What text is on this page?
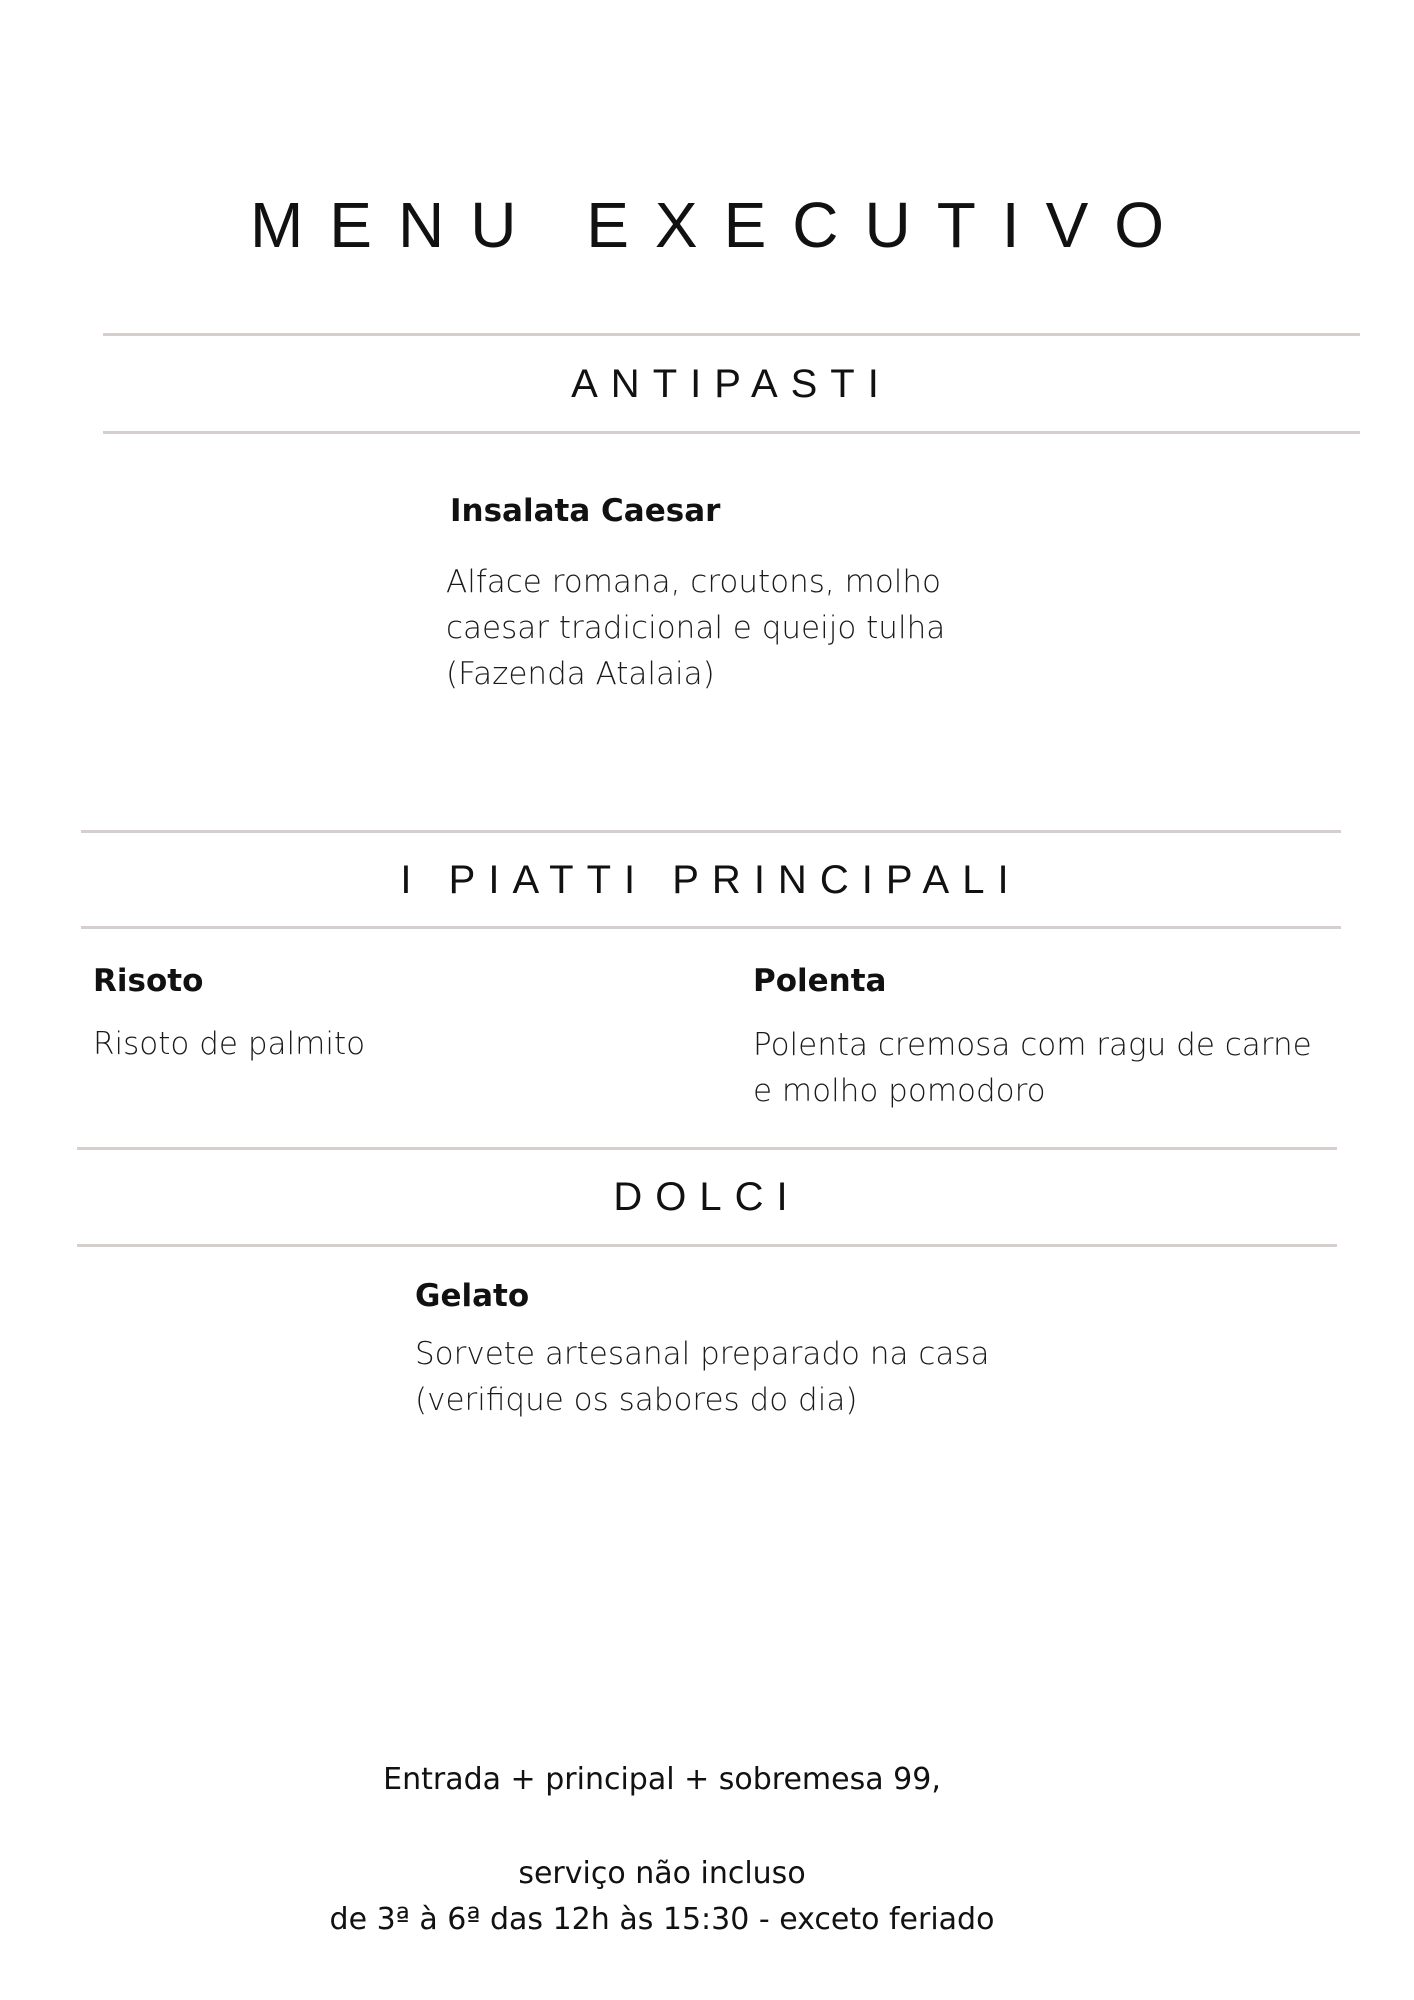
MENU EXECUTIVO
ANTIPASTI
Insalata Caesar
Alface romana, croutons, molho
caesar tradicional e queijo tulha
(Fazenda Atalaia)
I PIATTI PRINCIPALI
Risoto
Risoto de palmito
Polenta
Polenta cremosa com ragu de carne
e molho pomodoro
DOLCI
Gelato
Sorvete artesanal preparado na casa
(verifique os sabores do dia)
Entrada + principal + sobremesa 99,
serviço não incluso
de 3ª à 6ª das 12h às 15:30 - exceto feriado
